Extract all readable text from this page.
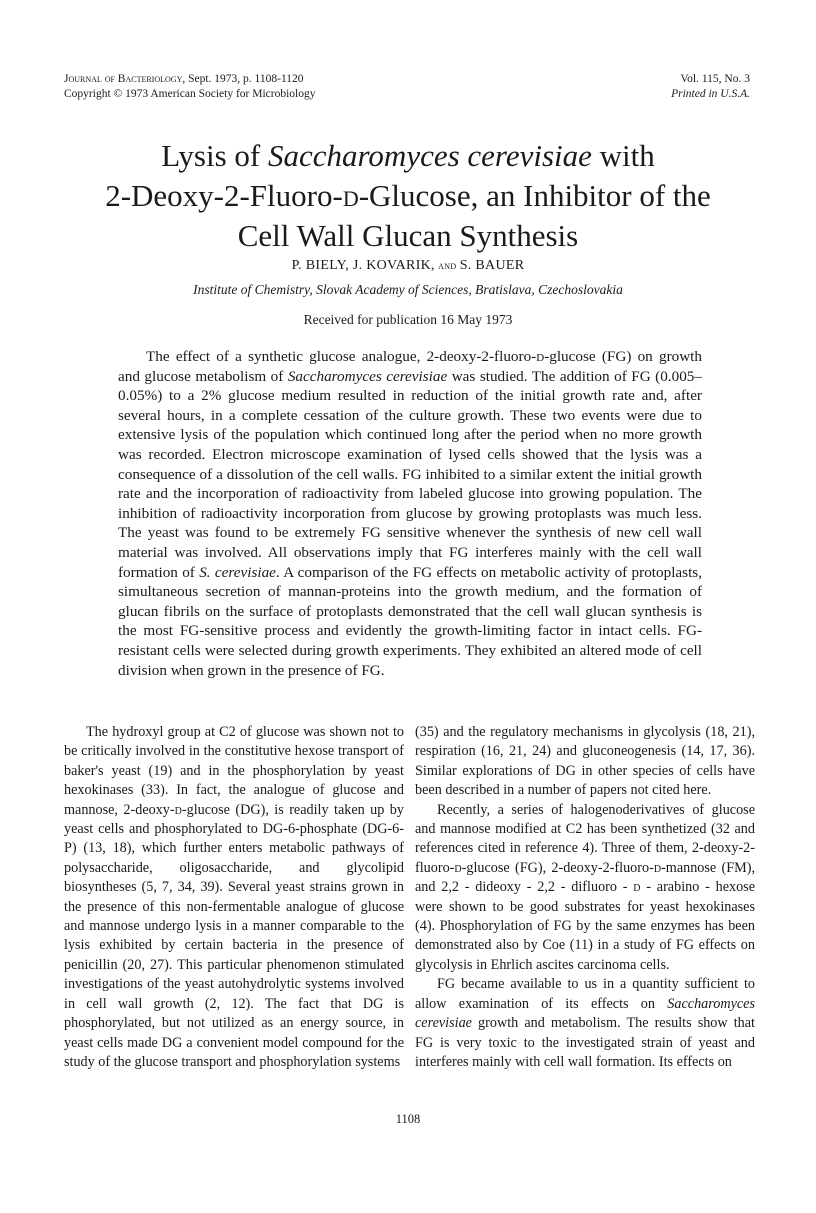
Journal of Bacteriology, Sept. 1973, p. 1108-1120
Copyright © 1973 American Society for Microbiology
Vol. 115, No. 3
Printed in U.S.A.
Lysis of Saccharomyces cerevisiae with
2-Deoxy-2-Fluoro-d-Glucose, an Inhibitor of the
Cell Wall Glucan Synthesis
P. BIELY, J. KOVARIK, and S. BAUER
Institute of Chemistry, Slovak Academy of Sciences, Bratislava, Czechoslovakia
Received for publication 16 May 1973

The effect of a synthetic glucose analogue, 2-deoxy-2-fluoro-d-glucose (FG) on growth and glucose metabolism of Saccharomyces cerevisiae was studied. The addition of FG (0.005–0.05%) to a 2% glucose medium resulted in reduction of the initial growth rate and, after several hours, in a complete cessation of the culture growth. These two events were due to extensive lysis of the population which continued long after the period when no more growth was recorded. Electron microscope examination of lysed cells showed that the lysis was a consequence of a dissolution of the cell walls. FG inhibited to a similar extent the initial growth rate and the incorporation of radioactivity from labeled glucose into growing population. The inhibition of radioactivity incorporation from glucose by growing protoplasts was much less. The yeast was found to be extremely FG sensitive whenever the synthesis of new cell wall material was involved. All observations imply that FG interferes mainly with the cell wall formation of S. cerevisiae. A comparison of the FG effects on metabolic activity of protoplasts, simultaneous secretion of mannan-proteins into the growth medium, and the formation of glucan fibrils on the surface of protoplasts demonstrated that the cell wall glucan synthesis is the most FG-sensitive process and evidently the growth-limiting factor in intact cells. FG-resistant cells were selected during growth experiments. They exhibited an altered mode of cell division when grown in the presence of FG.

The hydroxyl group at C2 of glucose was shown not to be critically involved in the constitutive hexose transport of baker's yeast (19) and in the phosphorylation by yeast hexokinases (33). In fact, the analogue of glucose and mannose, 2-deoxy-d-glucose (DG), is readily taken up by yeast cells and phosphorylated to DG-6-phosphate (DG-6-P) (13, 18), which further enters metabolic pathways of polysaccharide, oligosaccharide, and glycolipid biosyntheses (5, 7, 34, 39). Several yeast strains grown in the presence of this non-fermentable analogue of glucose and mannose undergo lysis in a manner comparable to the lysis exhibited by certain bacteria in the presence of penicillin (20, 27). This particular phenomenon stimulated investigations of the yeast autohydrolytic systems involved in cell wall growth (2, 12). The fact that DG is phosphorylated, but not utilized as an energy source, in yeast cells made DG a convenient model compound for the study of the glucose transport and phosphorylation systems

(35) and the regulatory mechanisms in glycolysis (18, 21), respiration (16, 21, 24) and gluconeogenesis (14, 17, 36). Similar explorations of DG in other species of cells have been described in a number of papers not cited here.

Recently, a series of halogenoderivatives of glucose and mannose modified at C2 has been synthetized (32 and references cited in reference 4). Three of them, 2-deoxy-2-fluoro-d-glucose (FG), 2-deoxy-2-fluoro-d-mannose (FM), and 2,2 - dideoxy - 2,2 - difluoro - d - arabino - hexose were shown to be good substrates for yeast hexokinases (4). Phosphorylation of FG by the same enzymes has been demonstrated also by Coe (11) in a study of FG effects on glycolysis in Ehrlich ascites carcinoma cells.

FG became available to us in a quantity sufficient to allow examination of its effects on Saccharomyces cerevisiae growth and metabolism. The results show that FG is very toxic to the investigated strain of yeast and interferes mainly with cell wall formation. Its effects on

1108
